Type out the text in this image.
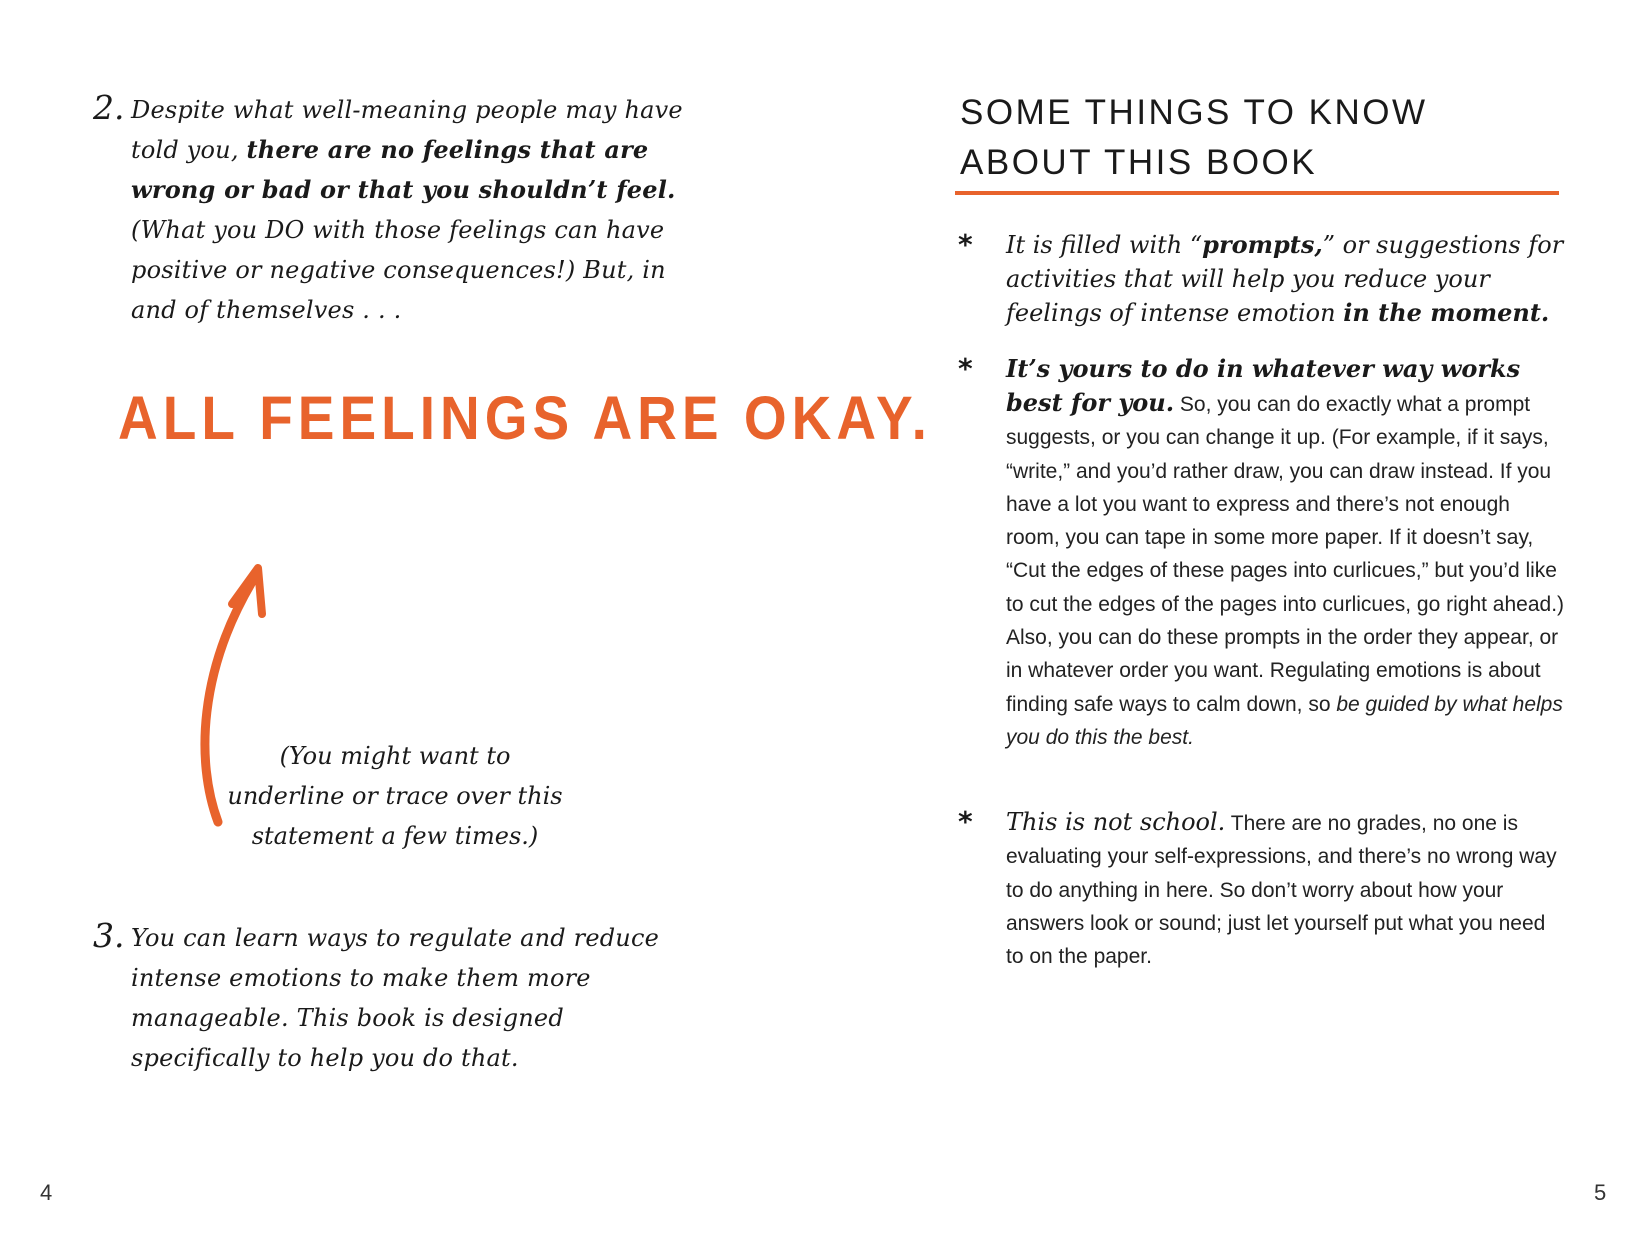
2. Despite what well-meaning people may have told you, there are no feelings that are wrong or bad or that you shouldn’t feel. (What you DO with those feelings can have positive or negative consequences!) But, in and of themselves . . .
ALL FEELINGS ARE OKAY.
(You might want to underline or trace over this statement a few times.)
3. You can learn ways to regulate and reduce intense emotions to make them more manageable. This book is designed specifically to help you do that.
4
SOME THINGS TO KNOW
ABOUT THIS BOOK
* It is filled with “prompts,” or suggestions for activities that will help you reduce your feelings of intense emotion in the moment.
* It’s yours to do in whatever way works best for you. So, you can do exactly what a prompt suggests, or you can change it up. (For example, if it says, “write,” and you’d rather draw, you can draw instead. If you have a lot you want to express and there’s not enough room, you can tape in some more paper. If it doesn’t say, “Cut the edges of these pages into curlicues,” but you’d like to cut the edges of the pages into curlicues, go right ahead.) Also, you can do these prompts in the order they appear, or in whatever order you want. Regulating emotions is about finding safe ways to calm down, so be guided by what helps you do this the best.
* This is not school. There are no grades, no one is evaluating your self-expressions, and there’s no wrong way to do anything in here. So don’t worry about how your answers look or sound; just let yourself put what you need to on the paper.
5
